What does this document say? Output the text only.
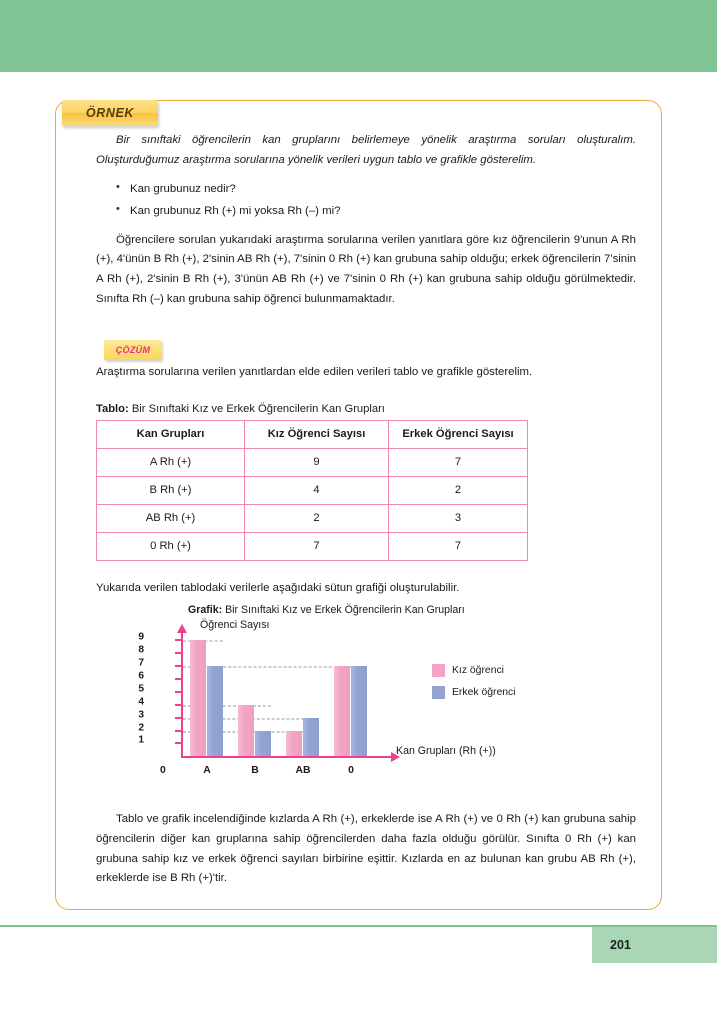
ÖRNEK

Bir sınıftaki öğrencilerin kan gruplarını belirlemeye yönelik araştırma soruları oluşturalım. Oluşturduğumuz araştırma sorularına yönelik verileri uygun tablo ve grafikle gösterelim.

• Kan grubunuz nedir?
• Kan grubunuz Rh (+) mi yoksa Rh (–) mi?

Öğrencilere sorulan yukarıdaki araştırma sorularına verilen yanıtlara göre kız öğrencilerin 9'unun A Rh (+), 4'ünün B Rh (+), 2'sinin AB Rh (+), 7'sinin 0 Rh (+) kan grubuna sahip olduğu; erkek öğrencilerin 7'sinin A Rh (+), 2'sinin B Rh (+), 3'ünün AB Rh (+) ve 7'sinin 0 Rh (+) kan grubuna sahip olduğu görülmektedir. Sınıfta Rh (–) kan grubuna sahip öğrenci bulunmamaktadır.

Araştırma sorularına verilen yanıtlardan elde edilen verileri tablo ve grafikle gösterelim.

Tablo: Bir Sınıftaki Kız ve Erkek Öğrencilerin Kan Grupları
Kan Grupları	Kız Öğrenci Sayısı	Erkek Öğrenci Sayısı
A Rh (+)	9	7
B Rh (+)	4	2
AB Rh (+)	2	3
0 Rh (+)	7	7

Yukarıda verilen tablodaki verilerle aşağıdaki sütun grafiği oluşturulabilir.

Grafik: Bir Sınıftaki Kız ve Erkek Öğrencilerin Kan Grupları
Öğrenci Sayısı
9
8
7
6
5
4
3
2
1
0	A	B	AB	0
Kan Grupları (Rh (+))
Kız öğrenci
Erkek öğrenci

Tablo ve grafik incelendiğinde kızlarda A Rh (+), erkeklerde ise A Rh (+) ve 0 Rh (+) kan grubuna sahip öğrencilerin diğer kan gruplarına sahip öğrencilerden daha fazla olduğu görülür. Sınıfta 0 Rh (+) kan grubuna sahip kız ve erkek öğrenci sayıları birbirine eşittir. Kızlarda en az bulunan kan grubu AB Rh (+), erkeklerde ise B Rh (+)'tir.

ÇÖZÜM
201
